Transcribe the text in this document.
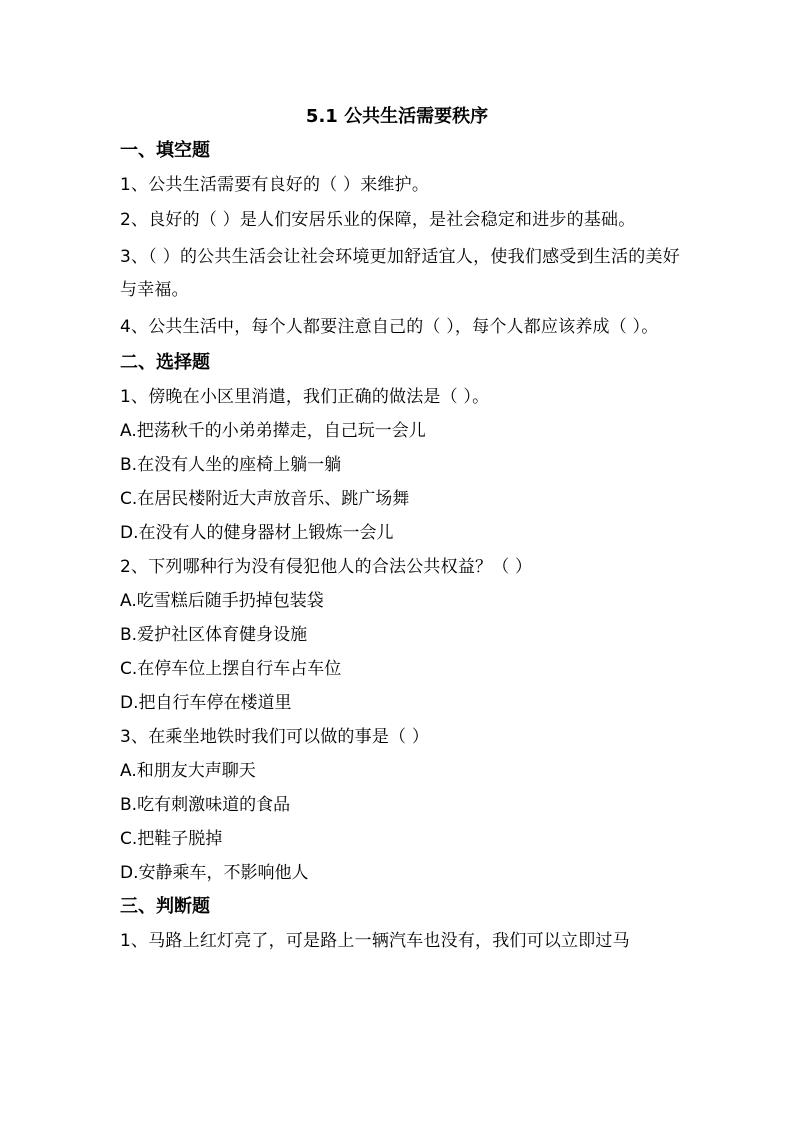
5.1 公共生活需要秩序
一、填空题
1、公共生活需要有良好的（ ）来维护。
2、良好的（ ）是人们安居乐业的保障，是社会稳定和进步的基础。
3、（ ）的公共生活会让社会环境更加舒适宜人，使我们感受到生活的美好与幸福。
4、公共生活中，每个人都要注意自己的（ ），每个人都应该养成（ ）。
二、选择题
1、傍晚在小区里消遣，我们正确的做法是（ ）。
A.把荡秋千的小弟弟撵走，自己玩一会儿
B.在没有人坐的座椅上躺一躺
C.在居民楼附近大声放音乐、跳广场舞
D.在没有人的健身器材上锻炼一会儿
2、下列哪种行为没有侵犯他人的合法公共权益？（ ）
A.吃雪糕后随手扔掉包装袋
B.爱护社区体育健身设施
C.在停车位上摆自行车占车位
D.把自行车停在楼道里
3、在乘坐地铁时我们可以做的事是（ ）
A.和朋友大声聊天
B.吃有刺激味道的食品
C.把鞋子脱掉
D.安静乘车，不影响他人
三、判断题
1、马路上红灯亮了，可是路上一辆汽车也没有，我们可以立即过马
